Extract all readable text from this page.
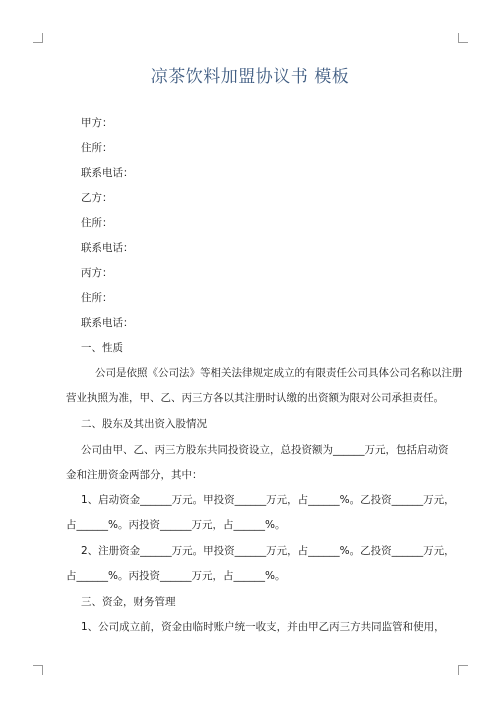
凉茶饮料加盟协议书 模板
甲方：
住所：
联系电话：
乙方：
住所：
联系电话：
丙方：
住所：
联系电话：
一、性质
公司是依照《公司法》等相关法律规定成立的有限责任公司具体公司名称以注册
营业执照为准，甲、乙、丙三方各以其注册时认缴的出资额为限对公司承担责任。
二、股东及其出资入股情况
公司由甲、乙、丙三方股东共同投资设立，总投资额为______万元，包括启动资
金和注册资金两部分，其中：
1、启动资金______万元。甲投资______万元，占______%。乙投资______万元，
占______%。丙投资______万元，占______%。
2、注册资金______万元。甲投资______万元，占______%。乙投资______万元，
占______%。丙投资______万元，占______%。
三、资金，财务管理
1、公司成立前，资金由临时账户统一收支，并由甲乙丙三方共同监管和使用，
